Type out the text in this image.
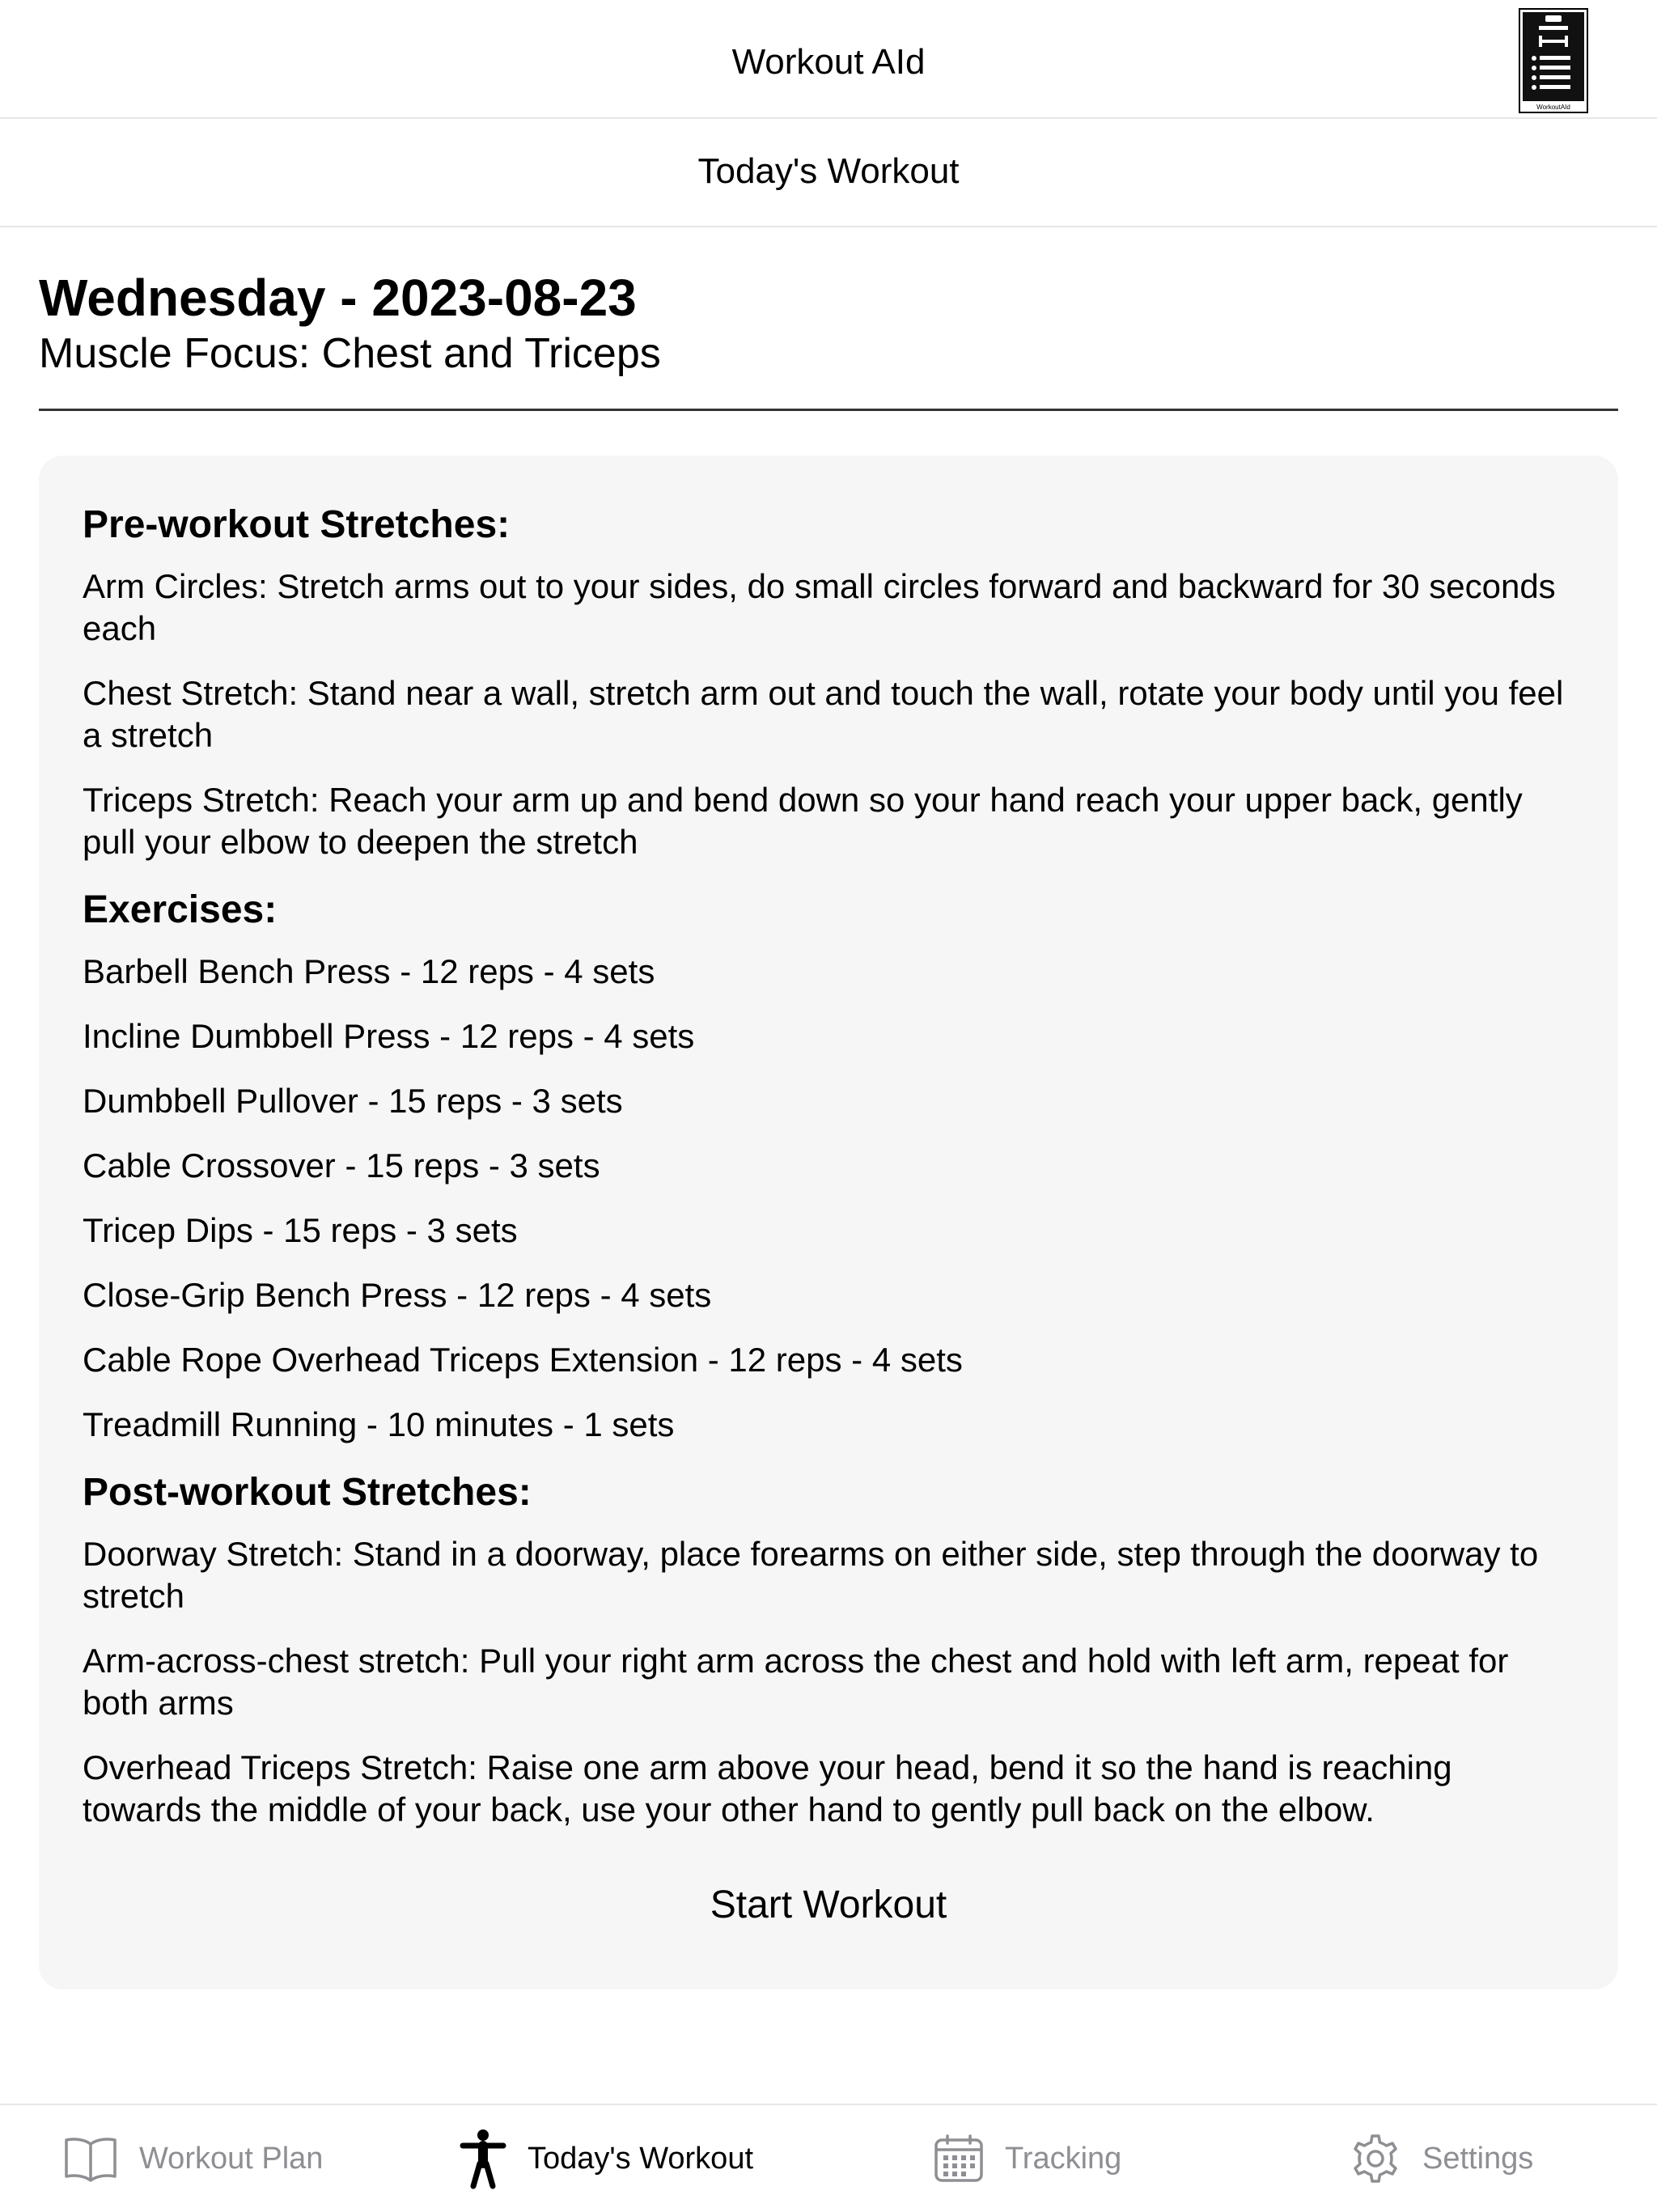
Workout AId
WorkoutAId
Today's Workout
Wednesday - 2023-08-23
Muscle Focus: Chest and Triceps
Pre-workout Stretches:
Arm Circles: Stretch arms out to your sides, do small circles forward and backward for 30 seconds each
Chest Stretch: Stand near a wall, stretch arm out and touch the wall, rotate your body until you feel a stretch
Triceps Stretch: Reach your arm up and bend down so your hand reach your upper back, gently pull your elbow to deepen the stretch
Exercises:
Barbell Bench Press - 12 reps - 4 sets
Incline Dumbbell Press - 12 reps - 4 sets
Dumbbell Pullover - 15 reps - 3 sets
Cable Crossover - 15 reps - 3 sets
Tricep Dips - 15 reps - 3 sets
Close-Grip Bench Press - 12 reps - 4 sets
Cable Rope Overhead Triceps Extension - 12 reps - 4 sets
Treadmill Running - 10 minutes - 1 sets
Post-workout Stretches:
Doorway Stretch: Stand in a doorway, place forearms on either side, step through the doorway to stretch
Arm-across-chest stretch: Pull your right arm across the chest and hold with left arm, repeat for both arms
Overhead Triceps Stretch: Raise one arm above your head, bend it so the hand is reaching towards the middle of your back, use your other hand to gently pull back on the elbow.
Start Workout
Workout Plan	Today's Workout	Tracking	Settings
